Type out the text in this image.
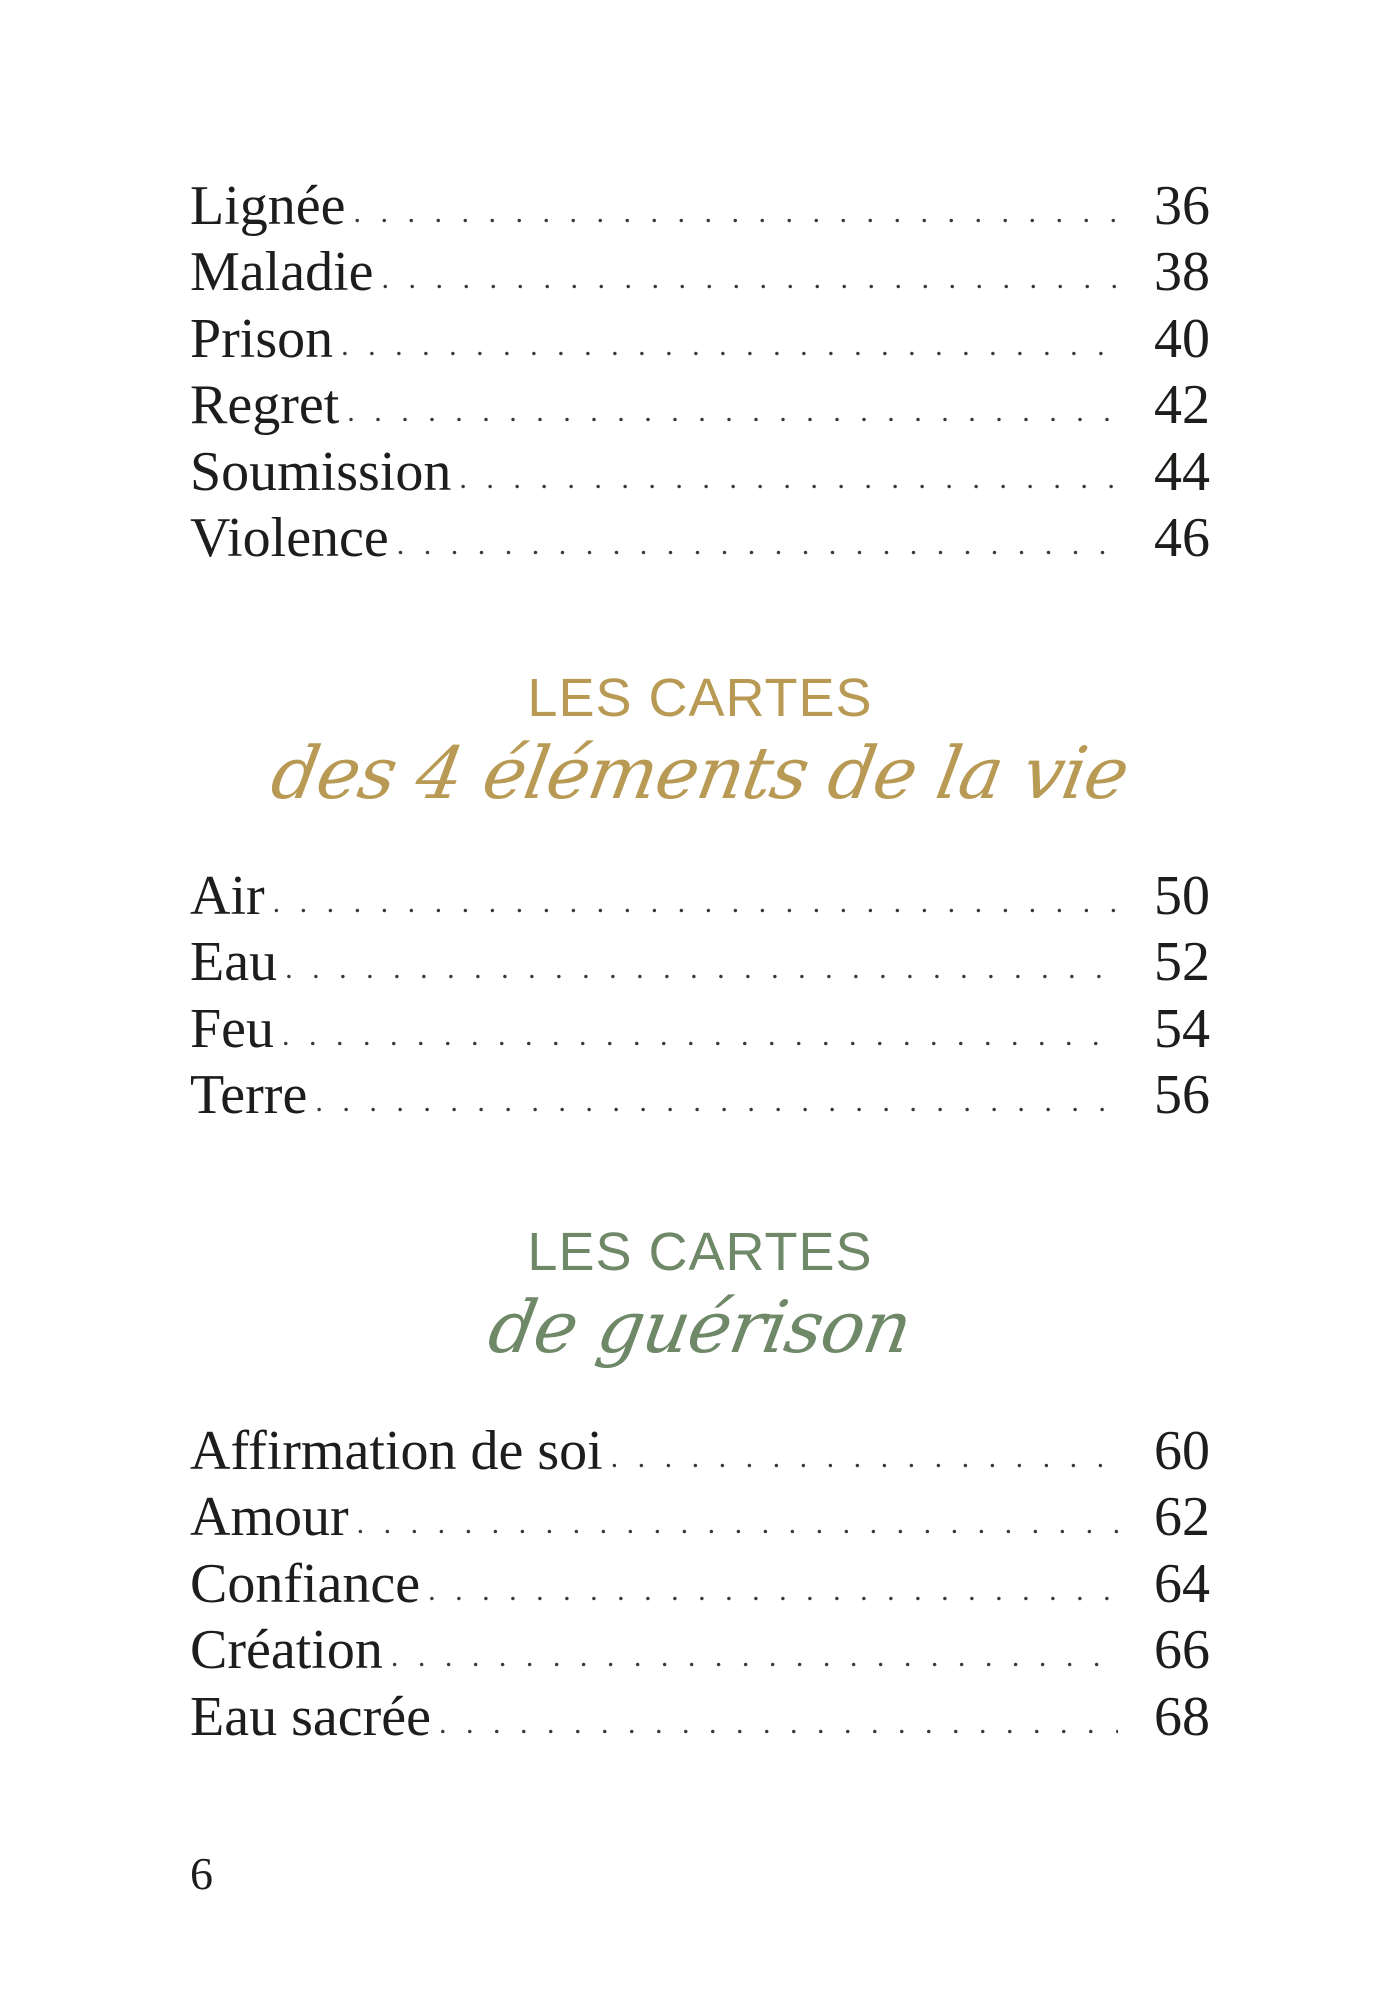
Lignée . . .	36
Maladie . . .	38
Prison . . .	40
Regret . . .	42
Soumission . . .	44
Violence . . .	46
LES CARTES
des 4 éléments de la vie
Air . . .	50
Eau . . .	52
Feu . . .	54
Terre . . .	56
LES CARTES
de guérison
Affirmation de soi . . .	60
Amour . . .	62
Confiance . . .	64
Création . . .	66
Eau sacrée . . .	68
6
